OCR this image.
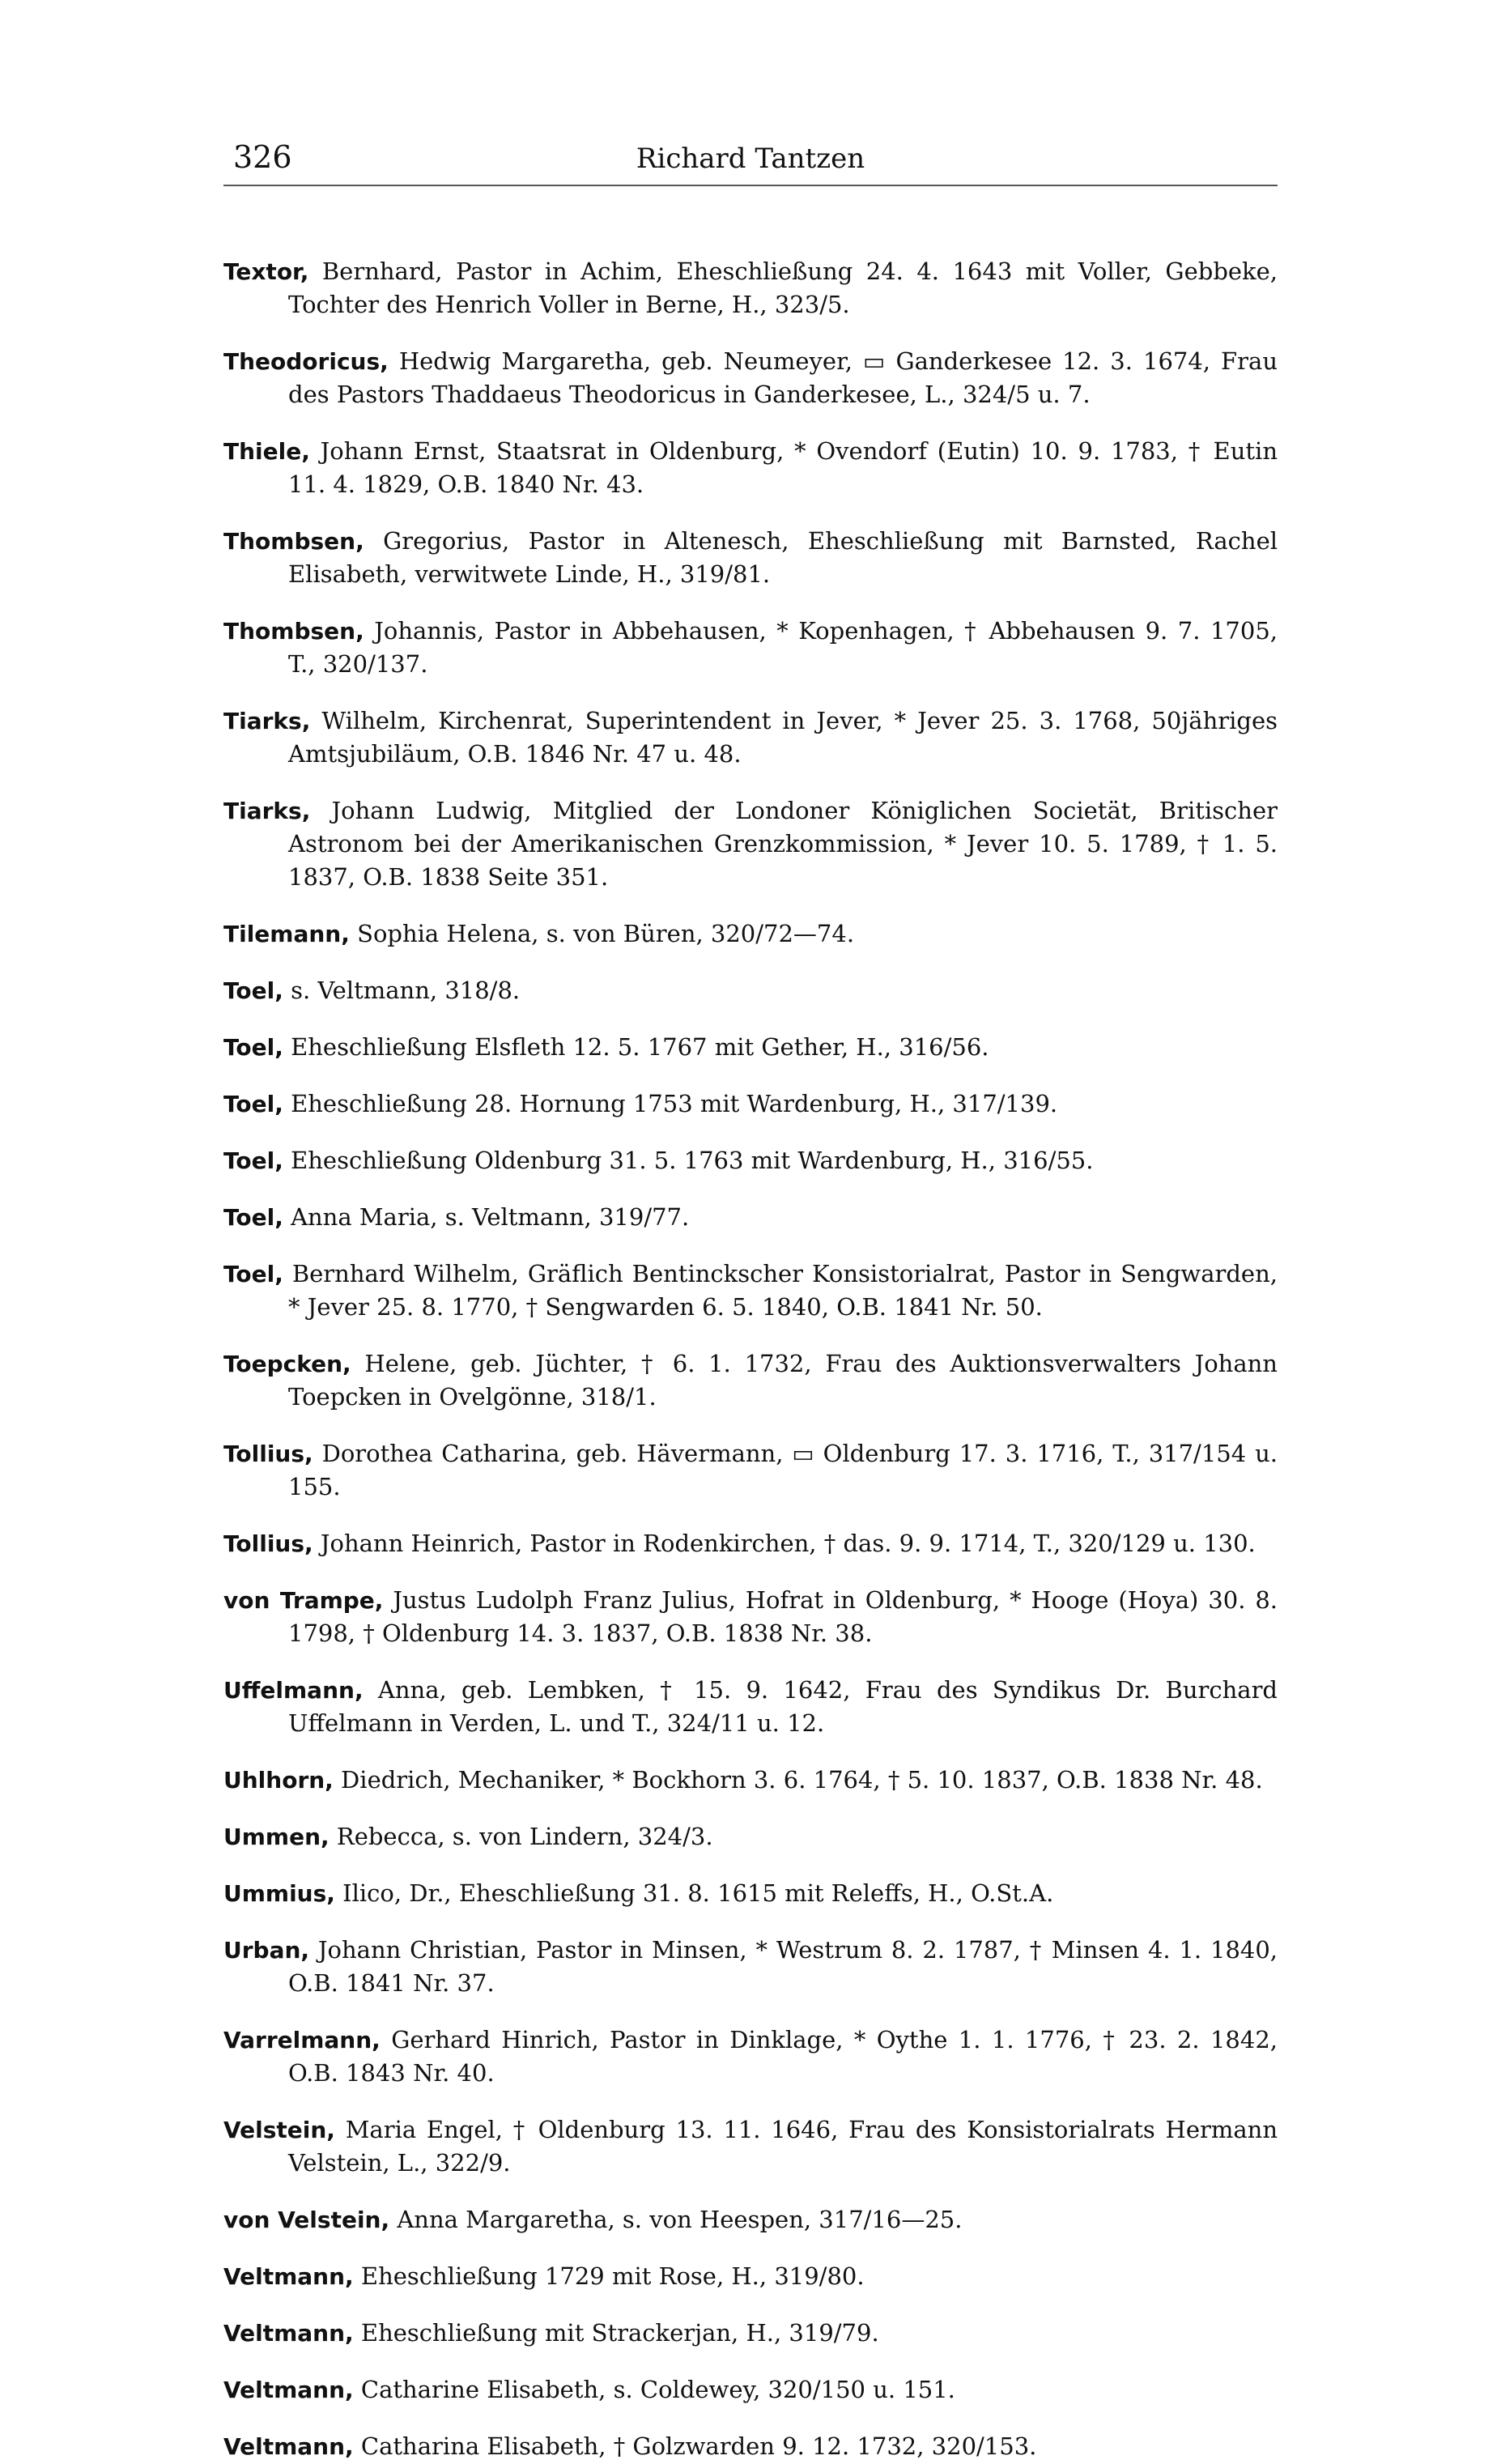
326	Richard Tantzen

Textor, Bernhard, Pastor in Achim, Eheschließung 24. 4. 1643 mit Voller, Gebbeke, Tochter des Henrich Voller in Berne, H., 323/5.

Theodoricus, Hedwig Margaretha, geb. Neumeyer, ▭ Ganderkesee 12. 3. 1674, Frau des Pastors Thaddaeus Theodoricus in Ganderkesee, L., 324/5 u. 7.

Thiele, Johann Ernst, Staatsrat in Oldenburg, * Ovendorf (Eutin) 10. 9. 1783, † Eutin 11. 4. 1829, O.B. 1840 Nr. 43.

Thombsen, Gregorius, Pastor in Altenesch, Eheschließung mit Barnsted, Rachel Elisabeth, verwitwete Linde, H., 319/81.

Thombsen, Johannis, Pastor in Abbehausen, * Kopenhagen, † Abbehausen 9. 7. 1705, T., 320/137.

Tiarks, Wilhelm, Kirchenrat, Superintendent in Jever, * Jever 25. 3. 1768, 50jähriges Amtsjubiläum, O.B. 1846 Nr. 47 u. 48.

Tiarks, Johann Ludwig, Mitglied der Londoner Königlichen Societät, Britischer Astronom bei der Amerikanischen Grenzkommission, * Jever 10. 5. 1789, † 1. 5. 1837, O.B. 1838 Seite 351.

Tilemann, Sophia Helena, s. von Büren, 320/72—74.

Toel, s. Veltmann, 318/8.

Toel, Eheschließung Elsfleth 12. 5. 1767 mit Gether, H., 316/56.

Toel, Eheschließung 28. Hornung 1753 mit Wardenburg, H., 317/139.

Toel, Eheschließung Oldenburg 31. 5. 1763 mit Wardenburg, H., 316/55.

Toel, Anna Maria, s. Veltmann, 319/77.

Toel, Bernhard Wilhelm, Gräflich Bentinckscher Konsistorialrat, Pastor in Sengwarden, * Jever 25. 8. 1770, † Sengwarden 6. 5. 1840, O.B. 1841 Nr. 50.

Toepcken, Helene, geb. Jüchter, † 6. 1. 1732, Frau des Auktionsverwalters Johann Toepcken in Ovelgönne, 318/1.

Tollius, Dorothea Catharina, geb. Hävermann, ▭ Oldenburg 17. 3. 1716, T., 317/154 u. 155.

Tollius, Johann Heinrich, Pastor in Rodenkirchen, † das. 9. 9. 1714, T., 320/129 u. 130.

von Trampe, Justus Ludolph Franz Julius, Hofrat in Oldenburg, * Hooge (Hoya) 30. 8. 1798, † Oldenburg 14. 3. 1837, O.B. 1838 Nr. 38.

Uffelmann, Anna, geb. Lembken, † 15. 9. 1642, Frau des Syndikus Dr. Burchard Uffelmann in Verden, L. und T., 324/11 u. 12.

Uhlhorn, Diedrich, Mechaniker, * Bockhorn 3. 6. 1764, † 5. 10. 1837, O.B. 1838 Nr. 48.

Ummen, Rebecca, s. von Lindern, 324/3.

Ummius, Ilico, Dr., Eheschließung 31. 8. 1615 mit Releffs, H., O.St.A.

Urban, Johann Christian, Pastor in Minsen, * Westrum 8. 2. 1787, † Minsen 4. 1. 1840, O.B. 1841 Nr. 37.

Varrelmann, Gerhard Hinrich, Pastor in Dinklage, * Oythe 1. 1. 1776, † 23. 2. 1842, O.B. 1843 Nr. 40.

Velstein, Maria Engel, † Oldenburg 13. 11. 1646, Frau des Konsistorialrats Hermann Velstein, L., 322/9.

von Velstein, Anna Margaretha, s. von Heespen, 317/16—25.

Veltmann, Eheschließung 1729 mit Rose, H., 319/80.

Veltmann, Eheschließung mit Strackerjan, H., 319/79.

Veltmann, Catharine Elisabeth, s. Coldewey, 320/150 u. 151.

Veltmann, Catharina Elisabeth, † Golzwarden 9. 12. 1732, 320/153.
